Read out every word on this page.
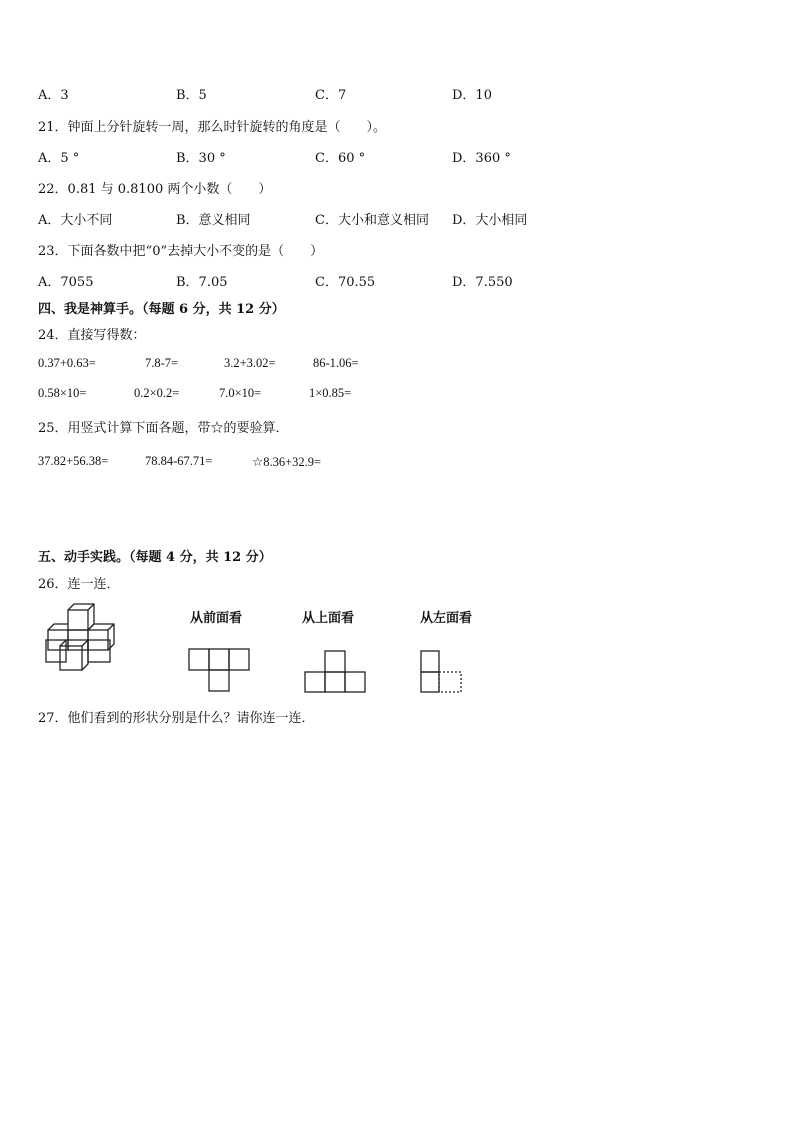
A．3	B．5	C．7	D．10
21．钟面上分针旋转一周，那么时针旋转的角度是（　　）。
A．5 °	B．30 °	C．60 °	D．360 °
22．0.81 与 0.8100 两个小数（　　）
A．大小不同	B．意义相同	C．大小和意义相同 D．大小相同
23．下面各数中把“0”去掉大小不变的是（　　）
A．7055	B．7.05	C．70.55	D．7.550
四、我是神算手。（每题 6 分，共 12 分）
24．直接写得数：
0.37+0.63=	7.8-7=	3.2+3.02=	86-1.06=
0.58×10=	0.2×0.2=	7.0×10=	1×0.85=
25．用竖式计算下面各题，带☆的要验算．
37.82+56.38=	78.84-67.71=	☆8.36+32.9=
五、动手实践。（每题 4 分，共 12 分）
26．连一连．
从前面看	从上面看	从左面看
27．他们看到的形状分别是什么？请你连一连．
